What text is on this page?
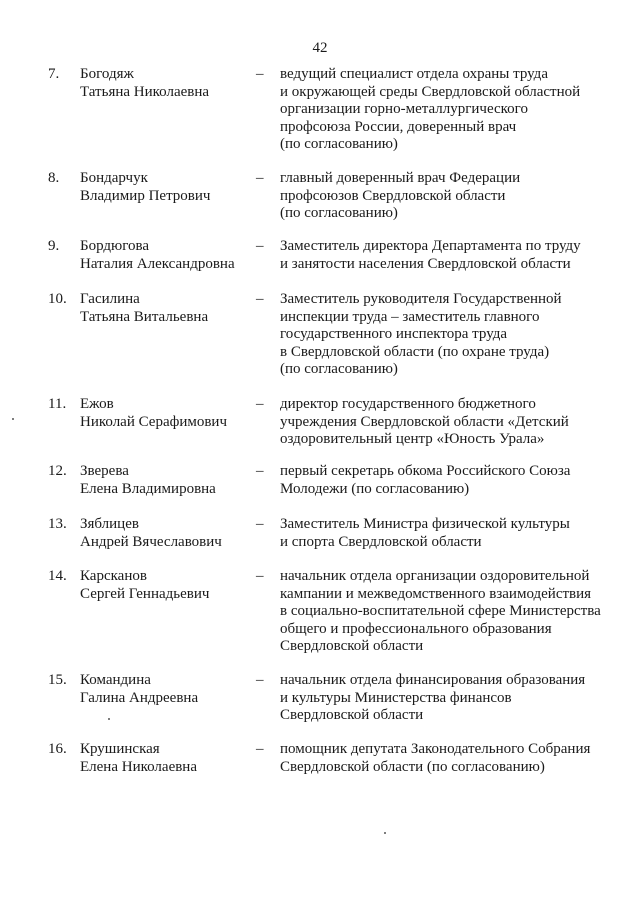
42
7.	Богодяж
Татьяна Николаевна
–	ведущий специалист отдела охраны труда
и окружающей среды Свердловской областной
организации горно-металлургического
профсоюза России, доверенный врач
(по согласованию)
8.	Бондарчук
Владимир Петрович
–	главный доверенный врач Федерации
профсоюзов Свердловской области
(по согласованию)
9.	Бордюгова
Наталия Александровна
–	Заместитель директора Департамента по труду
и занятости населения Свердловской области
10. Гасилина
Татьяна Витальевна
–	Заместитель руководителя Государственной
инспекции труда – заместитель главного
государственного инспектора труда
в Свердловской области (по охране труда)
(по согласованию)
11. Ежов
Николай Серафимович
–	директор государственного бюджетного
учреждения Свердловской области «Детский
оздоровительный центр «Юность Урала»
12. Зверева
Елена Владимировна
–	первый секретарь обкома Российского Союза
Молодежи (по согласованию)
13. Зяблицев
Андрей Вячеславович
–	Заместитель Министра физической культуры
и спорта Свердловской области
14. Карсканов
Сергей Геннадьевич
–	начальник отдела организации оздоровительной
кампании и межведомственного взаимодействия
в социально-воспитательной сфере Министерства
общего и профессионального образования
Свердловской области
15. Командина
Галина Андреевна
–	начальник отдела финансирования образования
и культуры Министерства финансов
Свердловской области
16. Крушинская
Елена Николаевна
–	помощник депутата Законодательного Собрания
Свердловской области (по согласованию)
